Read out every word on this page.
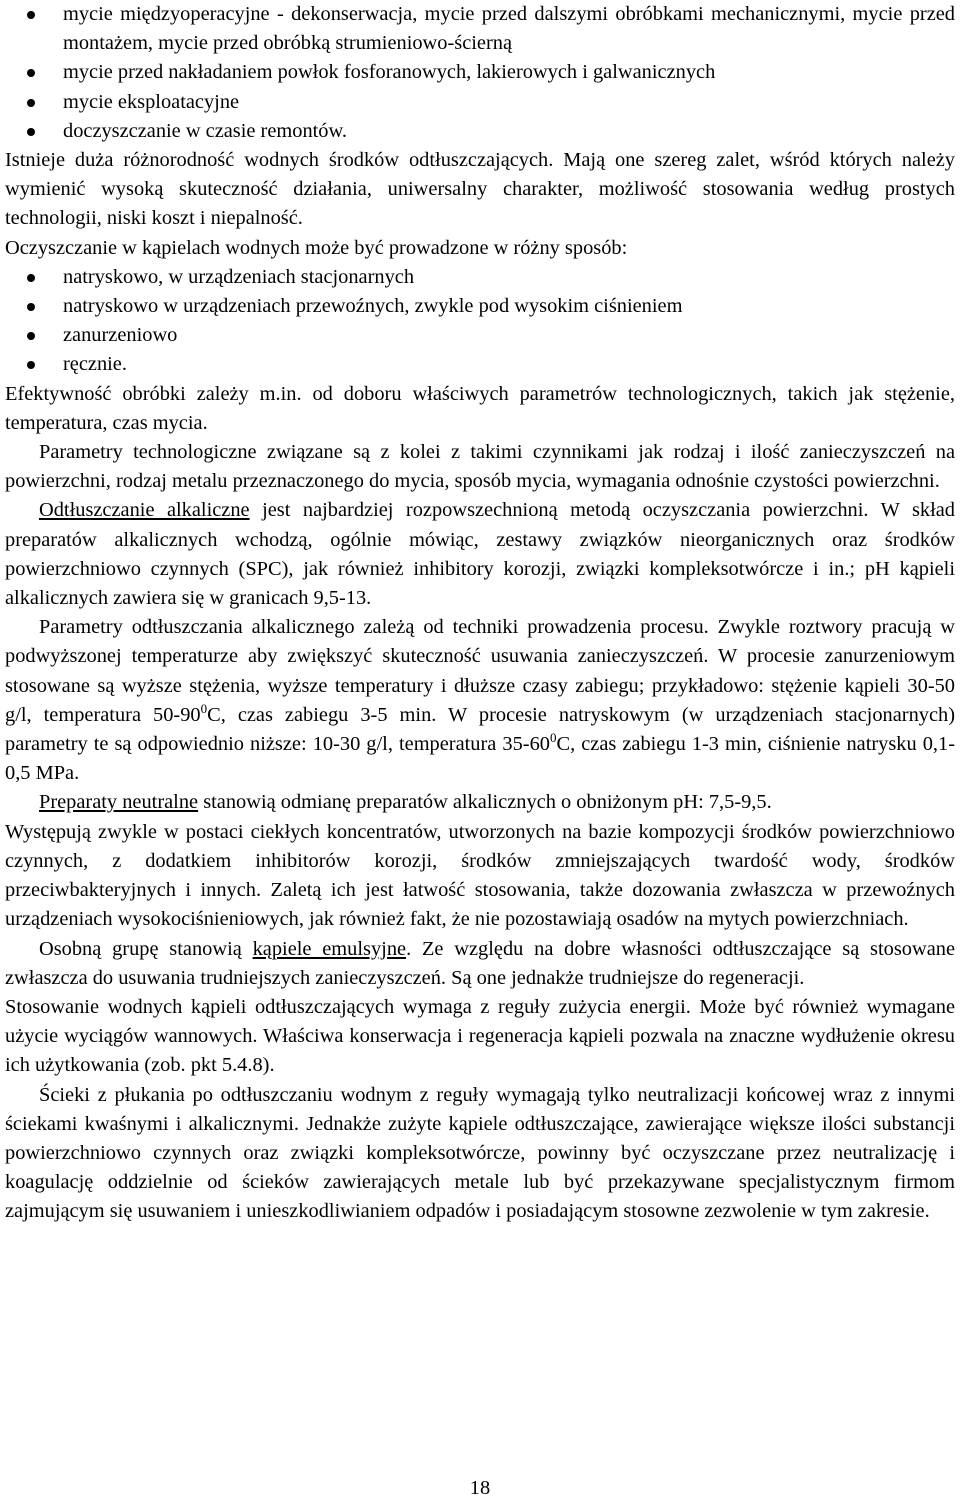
mycie międzyoperacyjne - dekonserwacja, mycie przed dalszymi obróbkami mechanicznymi, mycie przed montażem, mycie przed obróbką strumieniowo-ścierną
mycie przed nakładaniem powłok fosforanowych, lakierowych i galwanicznych
mycie eksploatacyjne
doczyszczanie w czasie remontów.

Istnieje duża różnorodność wodnych środków odtłuszczających. Mają one szereg zalet, wśród których należy wymienić wysoką skuteczność działania, uniwersalny charakter, możliwość stosowania według prostych technologii, niski koszt i niepalność.

Oczyszczanie w kąpielach wodnych może być prowadzone w różny sposób:

natryskowo, w urządzeniach stacjonarnych
natryskowo w urządzeniach przewoźnych, zwykle pod wysokim ciśnieniem
zanurzeniowo
ręcznie.

Efektywność obróbki zależy m.in. od doboru właściwych parametrów technologicznych, takich jak stężenie, temperatura, czas mycia.

Parametry technologiczne związane są z kolei z takimi czynnikami jak rodzaj i ilość zanieczyszczeń na powierzchni, rodzaj metalu przeznaczonego do mycia, sposób mycia, wymagania odnośnie czystości powierzchni.

Odtłuszczanie alkaliczne jest najbardziej rozpowszechnioną metodą oczyszczania powierzchni. W skład preparatów alkalicznych wchodzą, ogólnie mówiąc, zestawy związków nieorganicznych oraz środków powierzchniowo czynnych (SPC), jak również inhibitory korozji, związki kompleksotwórcze i in.; pH kąpieli alkalicznych zawiera się w granicach 9,5-13.

Parametry odtłuszczania alkalicznego zależą od techniki prowadzenia procesu. Zwykle roztwory pracują w podwyższonej temperaturze aby zwiększyć skuteczność usuwania zanieczyszczeń. W procesie zanurzeniowym stosowane są wyższe stężenia, wyższe temperatury i dłuższe czasy zabiegu; przykładowo: stężenie kąpieli 30-50 g/l, temperatura $50-90^0C$, czas zabiegu 3-5 min. W procesie natryskowym (w urządzeniach stacjonarnych) parametry te są odpowiednio niższe: 10-30 g/l, temperatura $35-60^0C$, czas zabiegu 1-3 min, ciśnienie natrysku 0,1-0,5 MPa.

Preparaty neutralne stanowią odmianę preparatów alkalicznych o obniżonym pH: 7,5-9,5.

Występują zwykle w postaci ciekłych koncentratów, utworzonych na bazie kompozycji środków powierzchniowo czynnych, z dodatkiem inhibitorów korozji, środków zmniejszających twardość wody, środków przeciwbakteryjnych i innych. Zaletą ich jest łatwość stosowania, także dozowania zwłaszcza w przewoźnych urządzeniach wysokociśnieniowych, jak również fakt, że nie pozostawiają osadów na mytych powierzchniach.

Osobną grupę stanowią kąpiele emulsyjne. Ze względu na dobre własności odtłuszczające są stosowane zwłaszcza do usuwania trudniejszych zanieczyszczeń. Są one jednakże trudniejsze do regeneracji.

Stosowanie wodnych kąpieli odtłuszczających wymaga z reguły zużycia energii. Może być również wymagane użycie wyciągów wannowych. Właściwa konserwacja i regeneracja kąpieli pozwala na znaczne wydłużenie okresu ich użytkowania (zob. pkt 5.4.8).

Ścieki z płukania po odtłuszczaniu wodnym z reguły wymagają tylko neutralizacji końcowej wraz z innymi ściekami kwaśnymi i alkalicznymi. Jednakże zużyte kąpiele odtłuszczające, zawierające większe ilości substancji powierzchniowo czynnych oraz związki kompleksotwórcze, powinny być oczyszczane przez neutralizację i koagulację oddzielnie od ścieków zawierających metale lub być przekazywane specjalistycznym firmom zajmującym się usuwaniem i unieszkodliwianiem odpadów i posiadającym stosowne zezwolenie w tym zakresie.

18
